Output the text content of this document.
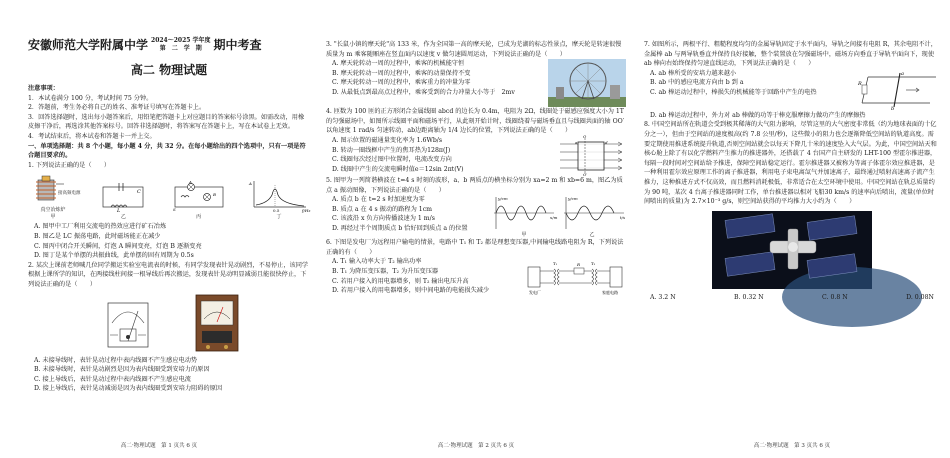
安徽师范大学附属中学 2024～2025 学年度
第　二　学　期 期中考查
高二 物理试题

注意事项：

1．本试卷满分 100 分，考试时间 75 分钟。

2．答题前，考生务必将自己的姓名、准考证号填写在答题卡上。

3．回答选择题时，选出每小题答案后，用铅笔把答题卡上对应题目的答案标号涂黑。如需改动，用橡皮擦干净后，再选涂其他答案标号。回答非选择题时，将答案写在答题卡上，写在本试卷上无效。

4．考试结束后，将本试卷和答题卡一并上交。

一、单项选择题：共 8 个小题，每小题 4 分，共 32 分。在每小题给出的四个选项中，只有一项是符合题目要求的。

1. 下列说法正确的是（　　）

接高频电源
真空冶炼炉
甲
C
L
乙
A
B
S
丙
A
0.5	f/Hz
丁

A. 图甲中工厂利用交流电的热效应进行矿石冶炼

B. 图乙是 LC 振荡电路，此时磁场能正在减少

C. 图丙中闭合开关瞬间，灯泡 A 瞬间变亮，灯泡 B 逐渐变亮

D. 图丁是某个单摆的共振曲线，此单摆的固有周期为 0.5s

2. 某次上课前老师喊几位同学搬运实验室电流表的时候，有同学发现表针晃动剧烈，不易停止，该同学根据上课所学的知识，在两接线柱间接一根导线后再次搬运，发现表针晃动明显减弱且能很快停止，下列说法正确的是（　　）

A. 未接导线时，表针晃动过程中表内线圈不产生感应电动势

B. 未接导线时，表针晃动剧烈是因为表内线圈受到安培力的原因

C. 接上导线后，表针晃动过程中表内线圈不产生感应电流

D. 接上导线后，表针晃动减弱是因为表内线圈受到安培力阻碍的原因

高二·物理试题　第 1 页共 6 页

3. "长鼠小镇的摩天轮"高 133 米，作为全国第一高的摩天轮，已成为芜湖的标志性景点，摩天轮是转速很慢质量为 m 乘客随厢座在竖直面内以速度 v 做匀速圆周运动，下列说法正确的是（　　）

A. 摩天轮转动一周的过程中，乘客的机械能守恒

B. 摩天轮转动一周的过程中，乘客的动量保持不变

C. 摩天轮转动一周的过程中，乘客重力的冲量为零

D. 从最低点到最高点过程中，乘客受到的合力冲量大小等于　2mv

4. 匝数为 100 匝的正方形闭合金属线圈 abcd 的边长为 0.4m，电阻为 2Ω，线圈处于磁感应强度大小为 1T 的匀强磁场中，如图所示线圈平面和磁场平行，从此刻开始计时，线圈绕着与磁场垂直且与线圈共面的轴 OO′ 以角速度 1 rad/s 匀速转动，ab边距离轴为 1/4 边长的位置，下列说法正确的是（　　）

A. 图示位置的磁通量变化率为 1.6Wb/s

B. 转动一圈线框中产生的焦耳热为128π(J)

C. 线圈每次经过图中位置时，电流改变方向

D. 线圈中产生的交流电瞬时值e＝12sin 2πt(V)

O
O′
a	d

5. 图甲为一列简谐横波在 t=4 s 时刻的波形，a、b 两质点的横坐标分别为 xa=2 m 和 xb=6 m，图乙为质点 a 振动图像，下列说法正确的是（　　）

A. 质点 b 在 t=2 s 时加速度为零

B. 质点 a 在 4 s 振动的路程为 1cm

C. 该波沿 x 负方向传播波速为 1 m/s

D. 再经过半个周期质点 b 恰好回到质点 a 的位置

x/m
y/cm
t/s
y/cm
甲	乙

6. 下图是发电厂为远程用户输电的情景，电路中 T₁ 和 T₂ 都是理想变压器,中间输电线路电阻为 R，下列说法正确的有（　　）

A. T₁ 输入功率大于 T₂ 输出功率

B. T₁ 为降压变压器，T₂ 为升压变压器

C. 若用户接入的用电器增多，则 T₂ 输出电压升高

D. 若用户接入的用电器增多，则中间电路的电能损失减少	发电厂	家庭电路
T₁	T₂
R
高二·物理试题　第 2 页共 6 页

7. 如图所示，两根平行、粗糙程度均匀的金属导轨固定于水平面内，导轨之间接有电阻 R，其余电阻不计，金属棒 ab 与两导轨垂直并保持良好接触，整个装置放在匀强磁场中，磁场方向垂直于导轨平面向下，现使 ab 棒向右始终保持匀速直线运动，下列说法正确的是（　　）

A. ab 棒所受的安培力越来越小

B. ab 中的感应电流方向由 b 到 a

C. ab 棒运动过程中，棒损失的机械能等于回路中产生的电热

R
a
b

D. ab 棒运动过程中，外力对 ab 棒做的功等于棒克服摩擦力做功产生的摩擦热

8. 中国空间站所在轨道会受到极其稀薄的大气阻力影响，尽管这里的大气密度非常低（约为地球表面的十亿分之一），但由于空间站的速度极高(约 7.8 公里/秒)，这些微小的阻力也会逐渐降低空间站的轨道高度。需要定期使用推进系统提升轨道,否则空间站就会以每天下降几十米的速度坠入大气层。为此，中国空间站天和核心舱上除了有以化学燃料产生推力的推进器外，还搭载了 4 台国产自主研发的 LHT-100 型霍尔推进器，每隔一段时间对空间站给予推进，保障空间站稳定运行。霍尔推进器又被称为等离子体霍尔效应推进器，是一种利用霍尔效应原理工作的离子推进器，利用电子束电离氙气并加速离子，最终通过喷射高速离子流产生推力，这种推进方式不仅高效，而且燃料消耗极低，非常适合在太空环境中使用。中国空间站在轨总质量约为 90 吨，某次 4 台离子推进器同时工作，单台推进器以相对飞船30 km/s 的速率向后喷出，流量(单位时间喷出的质量)为 2.7×10⁻³ g/s，则空间站获得的平均推力大小约为（　　）

A. 3.2 N	B. 0.32 N	C. 0.8 N	D. 0.08N
高二·物理试题　第 3 页共 6 页
